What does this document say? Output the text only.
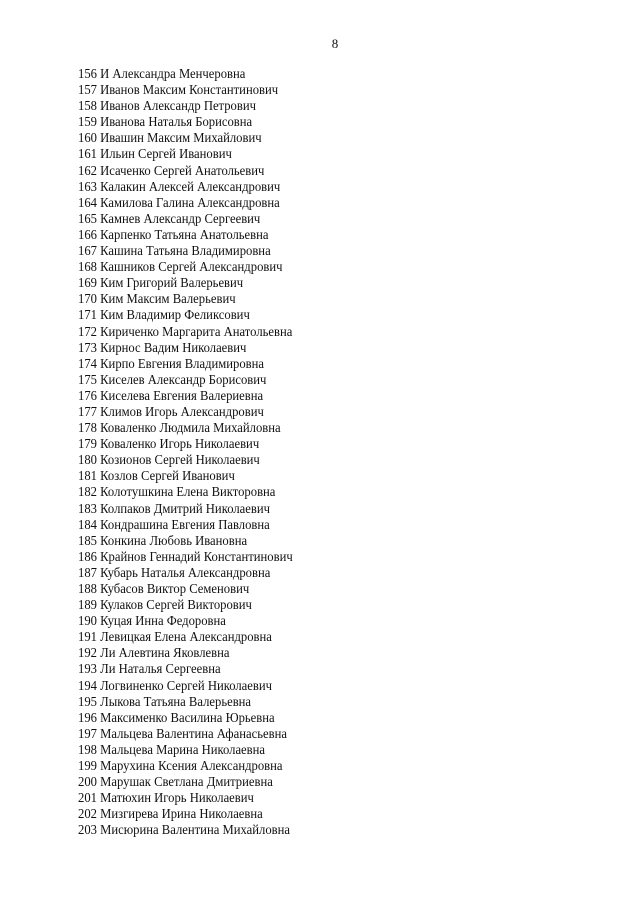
8
156 И Александра Менчеровна
157 Иванов Максим Константинович
158 Иванов Александр Петрович
159 Иванова Наталья Борисовна
160 Ивашин Максим Михайлович
161 Ильин Сергей Иванович
162 Исаченко Сергей Анатольевич
163 Калакин Алексей Александрович
164 Камилова Галина Александровна
165 Камнев Александр Сергеевич
166 Карпенко Татьяна Анатольевна
167 Кашина Татьяна Владимировна
168 Кашников Сергей Александрович
169 Ким Григорий Валерьевич
170 Ким Максим Валерьевич
171 Ким Владимир Феликсович
172 Кириченко Маргарита Анатольевна
173 Кирнос Вадим Николаевич
174 Кирпо Евгения Владимировна
175 Киселев Александр Борисович
176 Киселева Евгения Валериевна
177 Климов Игорь Александрович
178 Коваленко Людмила Михайловна
179 Коваленко Игорь Николаевич
180 Козионов Сергей Николаевич
181 Козлов Сергей Иванович
182 Колотушкина Елена Викторовна
183 Колпаков Дмитрий Николаевич
184 Кондрашина Евгения Павловна
185 Конкина Любовь Ивановна
186 Крайнов Геннадий Константинович
187 Кубарь Наталья Александровна
188 Кубасов Виктор Семенович
189 Кулаков Сергей Викторович
190 Куцая Инна Федоровна
191 Левицкая Елена Александровна
192 Ли Алевтина Яковлевна
193 Ли Наталья Сергеевна
194 Логвиненко Сергей Николаевич
195 Лыкова Татьяна Валерьевна
196 Максименко Василина Юрьевна
197 Мальцева Валентина Афанасьевна
198 Мальцева Марина Николаевна
199 Марухина Ксения Александровна
200 Марушак Светлана Дмитриевна
201 Матюхин Игорь Николаевич
202 Мизгирева Ирина Николаевна
203 Мисюрина Валентина Михайловна
